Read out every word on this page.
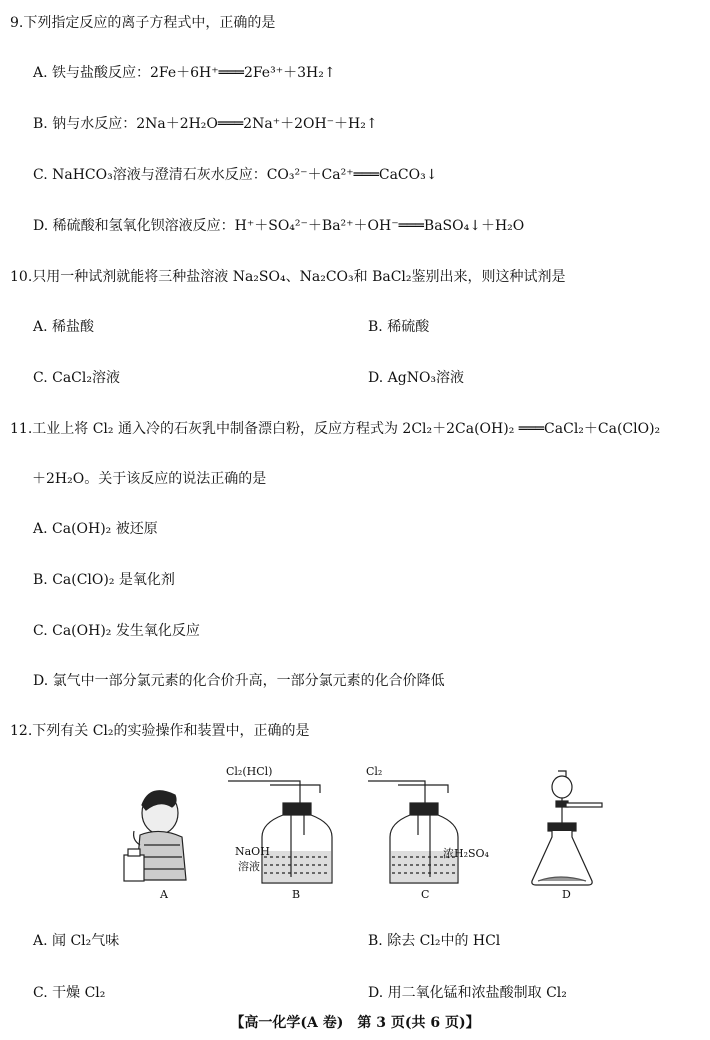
9.下列指定反应的离子方程式中，正确的是
A. 铁与盐酸反应：2Fe＋6H⁺═══2Fe³⁺＋3H₂↑
B. 钠与水反应：2Na＋2H₂O═══2Na⁺＋2OH⁻＋H₂↑
C. NaHCO₃溶液与澄清石灰水反应：CO₃²⁻＋Ca²⁺═══CaCO₃↓
D. 稀硫酸和氢氧化钡溶液反应：H⁺＋SO₄²⁻＋Ba²⁺＋OH⁻═══BaSO₄↓＋H₂O
10.只用一种试剂就能将三种盐溶液 Na₂SO₄、Na₂CO₃和 BaCl₂鉴别出来，则这种试剂是
A. 稀盐酸	B. 稀硫酸
C. CaCl₂溶液	D. AgNO₃溶液
11.工业上将 Cl₂ 通入冷的石灰乳中制备漂白粉，反应方程式为 2Cl₂＋2Ca(OH)₂ ═══CaCl₂＋Ca(ClO)₂
＋2H₂O。关于该反应的说法正确的是
A. Ca(OH)₂ 被还原
B. Ca(ClO)₂ 是氧化剂
C. Ca(OH)₂ 发生氧化反应
D. 氯气中一部分氯元素的化合价升高，一部分氯元素的化合价降低
12.下列有关 Cl₂的实验操作和装置中，正确的是
A	B	C	D
Cl₂(HCl)
NaOH
溶液
Cl₂
浓H₂SO₄
A. 闻 Cl₂气味	B. 除去 Cl₂中的 HCl
C. 干燥 Cl₂	D. 用二氧化锰和浓盐酸制取 Cl₂
【高一化学(A 卷)　第 3 页(共 6 页)】
